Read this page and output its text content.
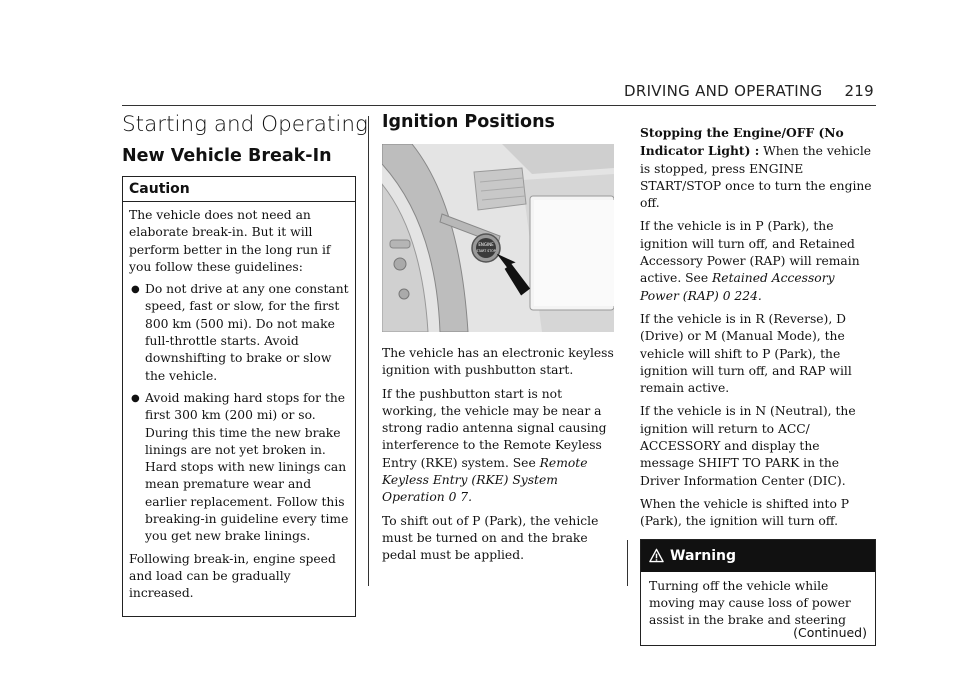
DRIVING AND OPERATING 219
Starting and Operating
New Vehicle Break-In
Caution

The vehicle does not need an elaborate break-in. But it will perform better in the long run if you follow these guidelines:

● Do not drive at any one constant speed, fast or slow, for the first 800 km (500 mi). Do not make full-throttle starts. Avoid downshifting to brake or slow the vehicle.
● Avoid making hard stops for the first 300 km (200 mi) or so. During this time the new brake linings are not yet broken in. Hard stops with new linings can mean premature wear and earlier replacement. Follow this breaking-in guideline every time you get new brake linings.

Following break-in, engine speed and load can be gradually increased.

Ignition Positions
ENGINE
START STOP

The vehicle has an electronic keyless ignition with pushbutton start.

If the pushbutton start is not working, the vehicle may be near a strong radio antenna signal causing interference to the Remote Keyless Entry (RKE) system. See Remote Keyless Entry (RKE) System Operation 0 7.

To shift out of P (Park), the vehicle must be turned on and the brake pedal must be applied.

Stopping the Engine/OFF (No Indicator Light) : When the vehicle is stopped, press ENGINE START/STOP once to turn the engine off.

If the vehicle is in P (Park), the ignition will turn off, and Retained Accessory Power (RAP) will remain active. See Retained Accessory Power (RAP) 0 224.

If the vehicle is in R (Reverse), D (Drive) or M (Manual Mode), the vehicle will shift to P (Park), the ignition will turn off, and RAP will remain active.

If the vehicle is in N (Neutral), the ignition will return to ACC/ ACCESSORY and display the message SHIFT TO PARK in the Driver Information Center (DIC).

When the vehicle is shifted into P (Park), the ignition will turn off.

Warning
Turning off the vehicle while moving may cause loss of power assist in the brake and steering
(Continued)
